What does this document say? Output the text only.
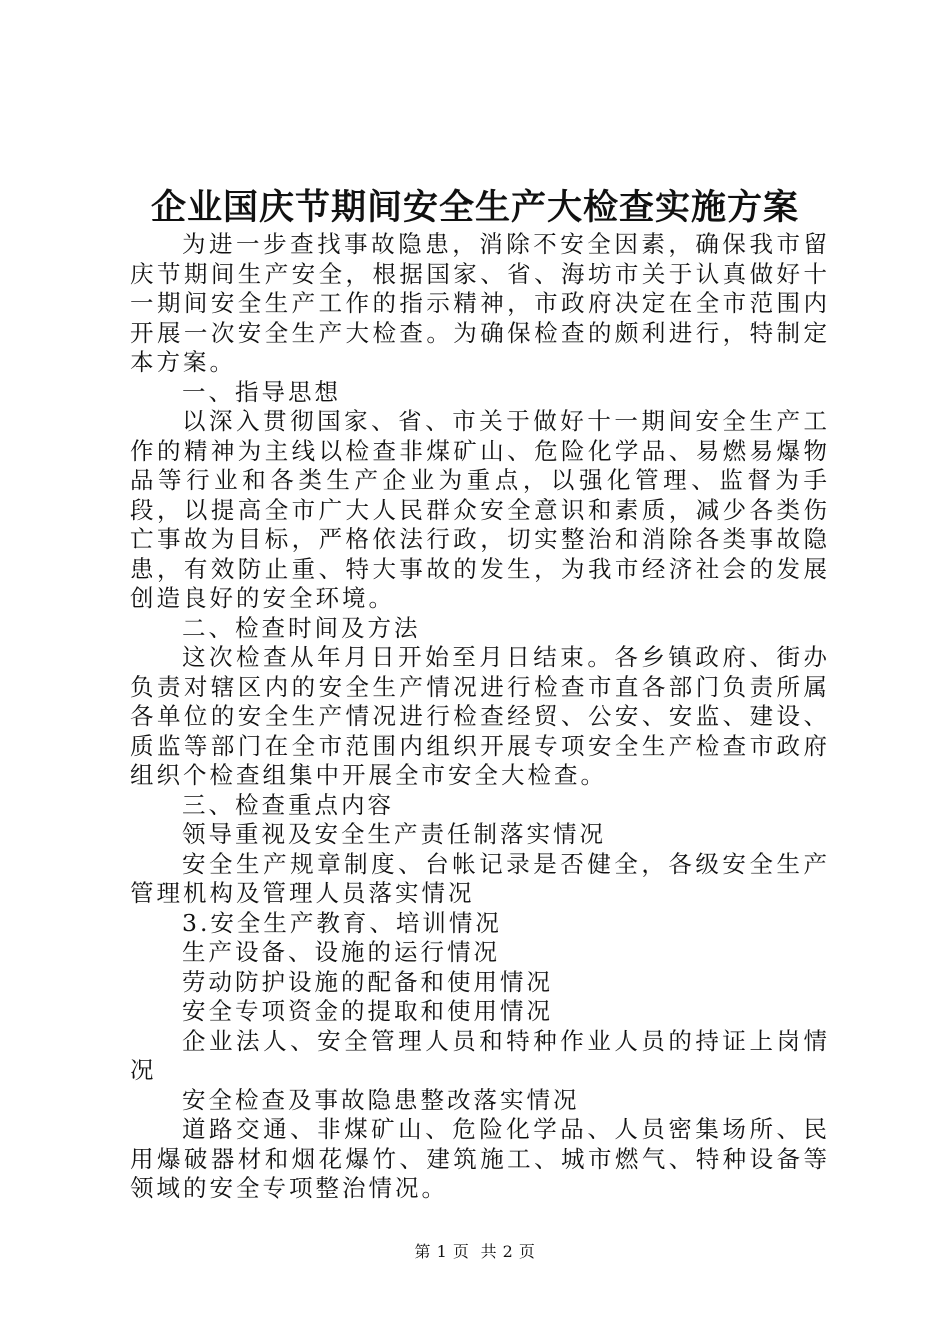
企业国庆节期间安全生产大检查实施方案

为进一步查找事故隐患，消除不安全因素，确保我市留庆节期间生产安全，根据国家、省、海坊市关于认真做好十一期间安全生产工作的指示精神，市政府决定在全市范围内开展一次安全生产大检查。为确保检查的颇利进行，特制定本方案。

一、指导思想

以深入贯彻国家、省、市关于做好十一期间安全生产工作的精神为主线以检查非煤矿山、危险化学品、易燃易爆物品等行业和各类生产企业为重点，以强化管理、监督为手段，以提高全市广大人民群众安全意识和素质，减少各类伤亡事故为目标，严格依法行政，切实整治和消除各类事故隐患，有效防止重、特大事故的发生，为我市经济社会的发展创造良好的安全环境。

二、检查时间及方法

这次检查从年月日开始至月日结束。各乡镇政府、街办负责对辖区内的安全生产情况进行检查市直各部门负责所属各单位的安全生产情况进行检查经贸、公安、安监、建设、质监等部门在全市范围内组织开展专项安全生产检查市政府组织个检查组集中开展全市安全大检查。

三、检查重点内容

领导重视及安全生产责任制落实情况

安全生产规章制度、台帐记录是否健全，各级安全生产管理机构及管理人员落实情况

3.安全生产教育、培训情况

生产设备、设施的运行情况

劳动防护设施的配备和使用情况

安全专项资金的提取和使用情况

企业法人、安全管理人员和特种作业人员的持证上岗情况

安全检查及事故隐患整改落实情况

道路交通、非煤矿山、危险化学品、人员密集场所、民用爆破器材和烟花爆竹、建筑施工、城市燃气、特种设备等领域的安全专项整治情况。

第 1 页  共 2 页
